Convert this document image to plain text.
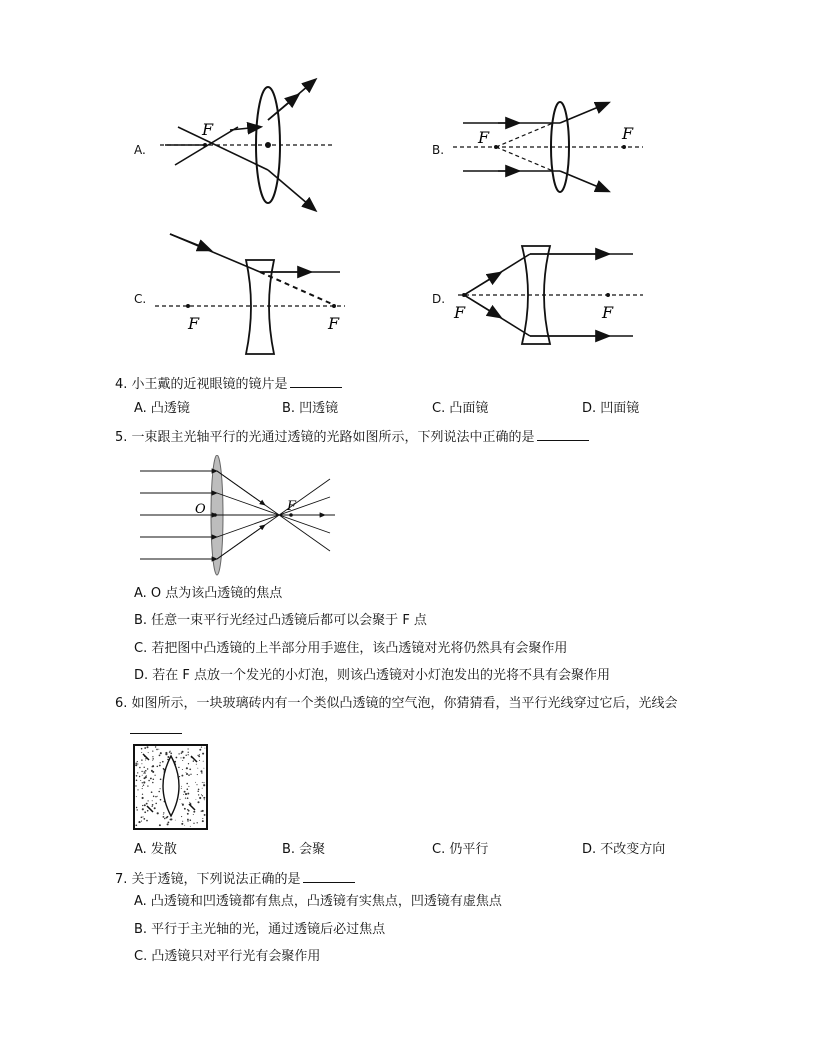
A.
F
B.
F	F
C.
F	F
D.
F	F
4. 小王戴的近视眼镜的镜片是
A. 凸透镜	B. 凹透镜	C. 凸面镜	D. 凹面镜
5. 一束跟主光轴平行的光通过透镜的光路如图所示，下列说法中正确的是
O	F
A. O 点为该凸透镜的焦点
B. 任意一束平行光经过凸透镜后都可以会聚于 F 点
C. 若把图中凸透镜的上半部分用手遮住，该凸透镜对光将仍然具有会聚作用
D. 若在 F 点放一个发光的小灯泡，则该凸透镜对小灯泡发出的光将不具有会聚作用
6. 如图所示，一块玻璃砖内有一个类似凸透镜的空气泡，你猜猜看，当平行光线穿过它后，光线会
A. 发散	B. 会聚	C. 仍平行	D. 不改变方向
7. 关于透镜，下列说法正确的是
A. 凸透镜和凹透镜都有焦点，凸透镜有实焦点，凹透镜有虚焦点
B. 平行于主光轴的光，通过透镜后必过焦点
C. 凸透镜只对平行光有会聚作用
